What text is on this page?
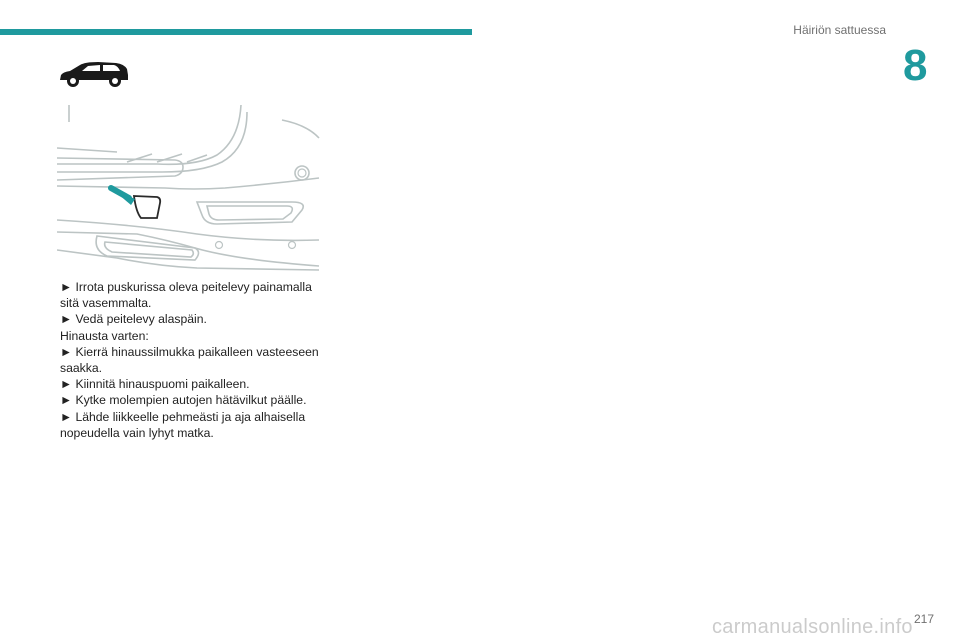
Häiriön sattuessa
8

► Irrota puskurissa oleva peitelevy painamalla sitä vasemmalta.

► Vedä peitelevy alaspäin.

Hinausta varten:

► Kierrä hinaussilmukka paikalleen vasteeseen saakka.

► Kiinnitä hinauspuomi paikalleen.

► Kytke molempien autojen hätävilkut päälle.

► Lähde liikkeelle pehmeästi ja aja alhaisella nopeudella vain lyhyt matka.

217
carmanualsonline.info
